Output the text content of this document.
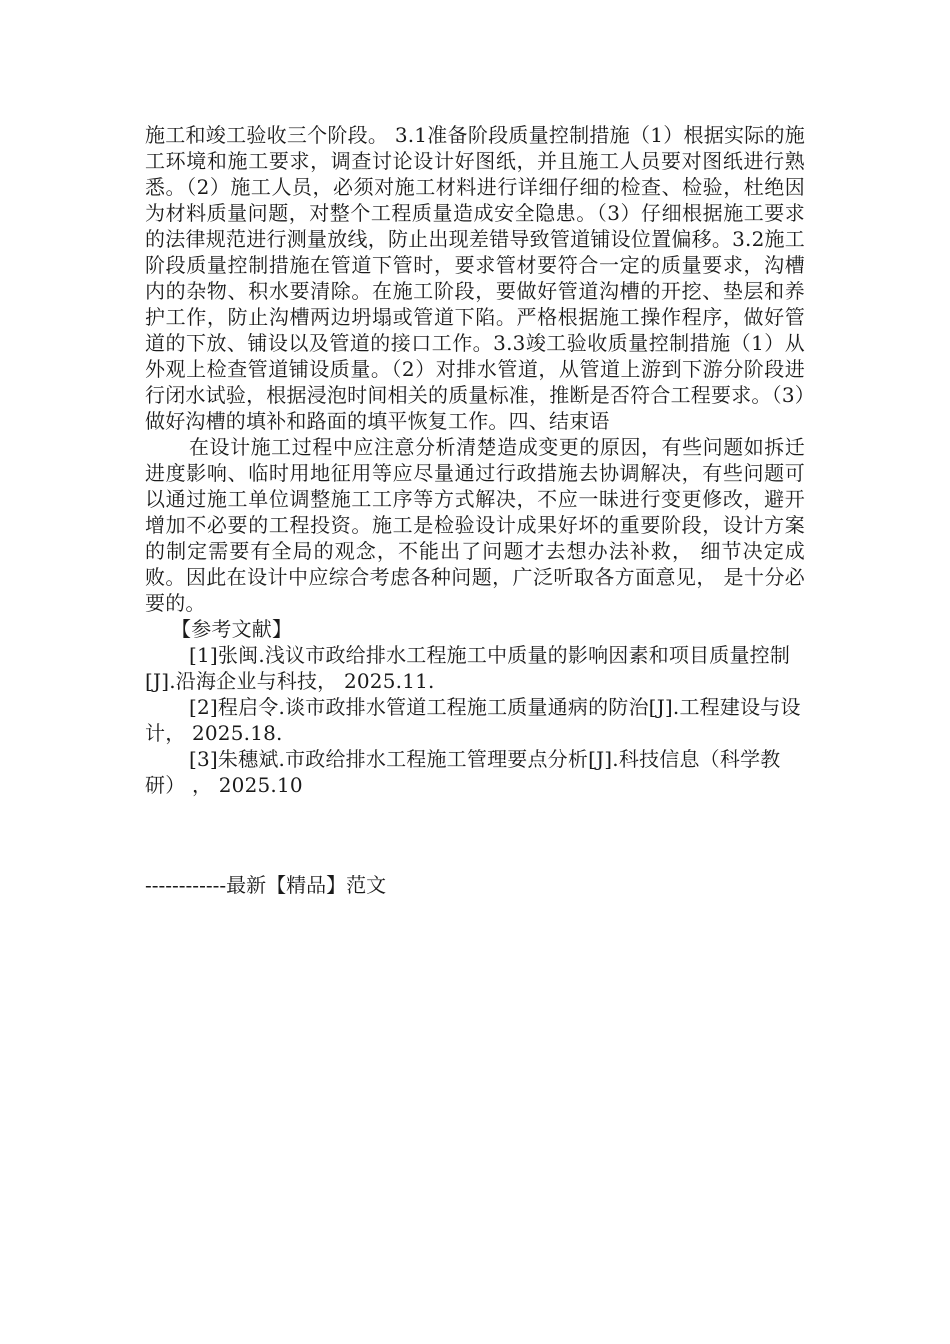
施工和竣工验收三个阶段。 3.1准备阶段质量控制措施（1）根据实际的施工环境和施工要求，调查讨论设计好图纸，并且施工人员要对图纸进行熟悉。（2）施工人员，必须对施工材料进行详细仔细的检查、检验，杜绝因为材料质量问题，对整个工程质量造成安全隐患。（3）仔细根据施工要求的法律规范进行测量放线，防止出现差错导致管道铺设位置偏移。3.2施工阶段质量控制措施在管道下管时，要求管材要符合一定的质量要求，沟槽内的杂物、积水要清除。在施工阶段，要做好管道沟槽的开挖、垫层和养护工作，防止沟槽两边坍塌或管道下陷。严格根据施工操作程序，做好管道的下放、铺设以及管道的接口工作。3.3竣工验收质量控制措施（1）从外观上检查管道铺设质量。（2）对排水管道，从管道上游到下游分阶段进行闭水试验，根据浸泡时间相关的质量标准，推断是否符合工程要求。（3）做好沟槽的填补和路面的填平恢复工作。四、结束语

在设计施工过程中应注意分析清楚造成变更的原因，有些问题如拆迁进度影响、临时用地征用等应尽量通过行政措施去协调解决，有些问题可以通过施工单位调整施工工序等方式解决，不应一昧进行变更修改，避开增加不必要的工程投资。施工是检验设计成果好坏的重要阶段，设计方案的制定需要有全局的观念，不能出了问题才去想办法补救， 细节决定成败。因此在设计中应综合考虑各种问题，广泛听取各方面意见， 是十分必要的。

【参考文献】

[1]张闽.浅议市政给排水工程施工中质量的影响因素和项目质量控制[J].沿海企业与科技， 2025.11.

[2]程启令.谈市政排水管道工程施工质量通病的防治[J].工程建设与设计， 2025.18.

[3]朱穗斌.市政给排水工程施工管理要点分析[J].科技信息（科学教研） ， 2025.10

------------最新【精品】范文
